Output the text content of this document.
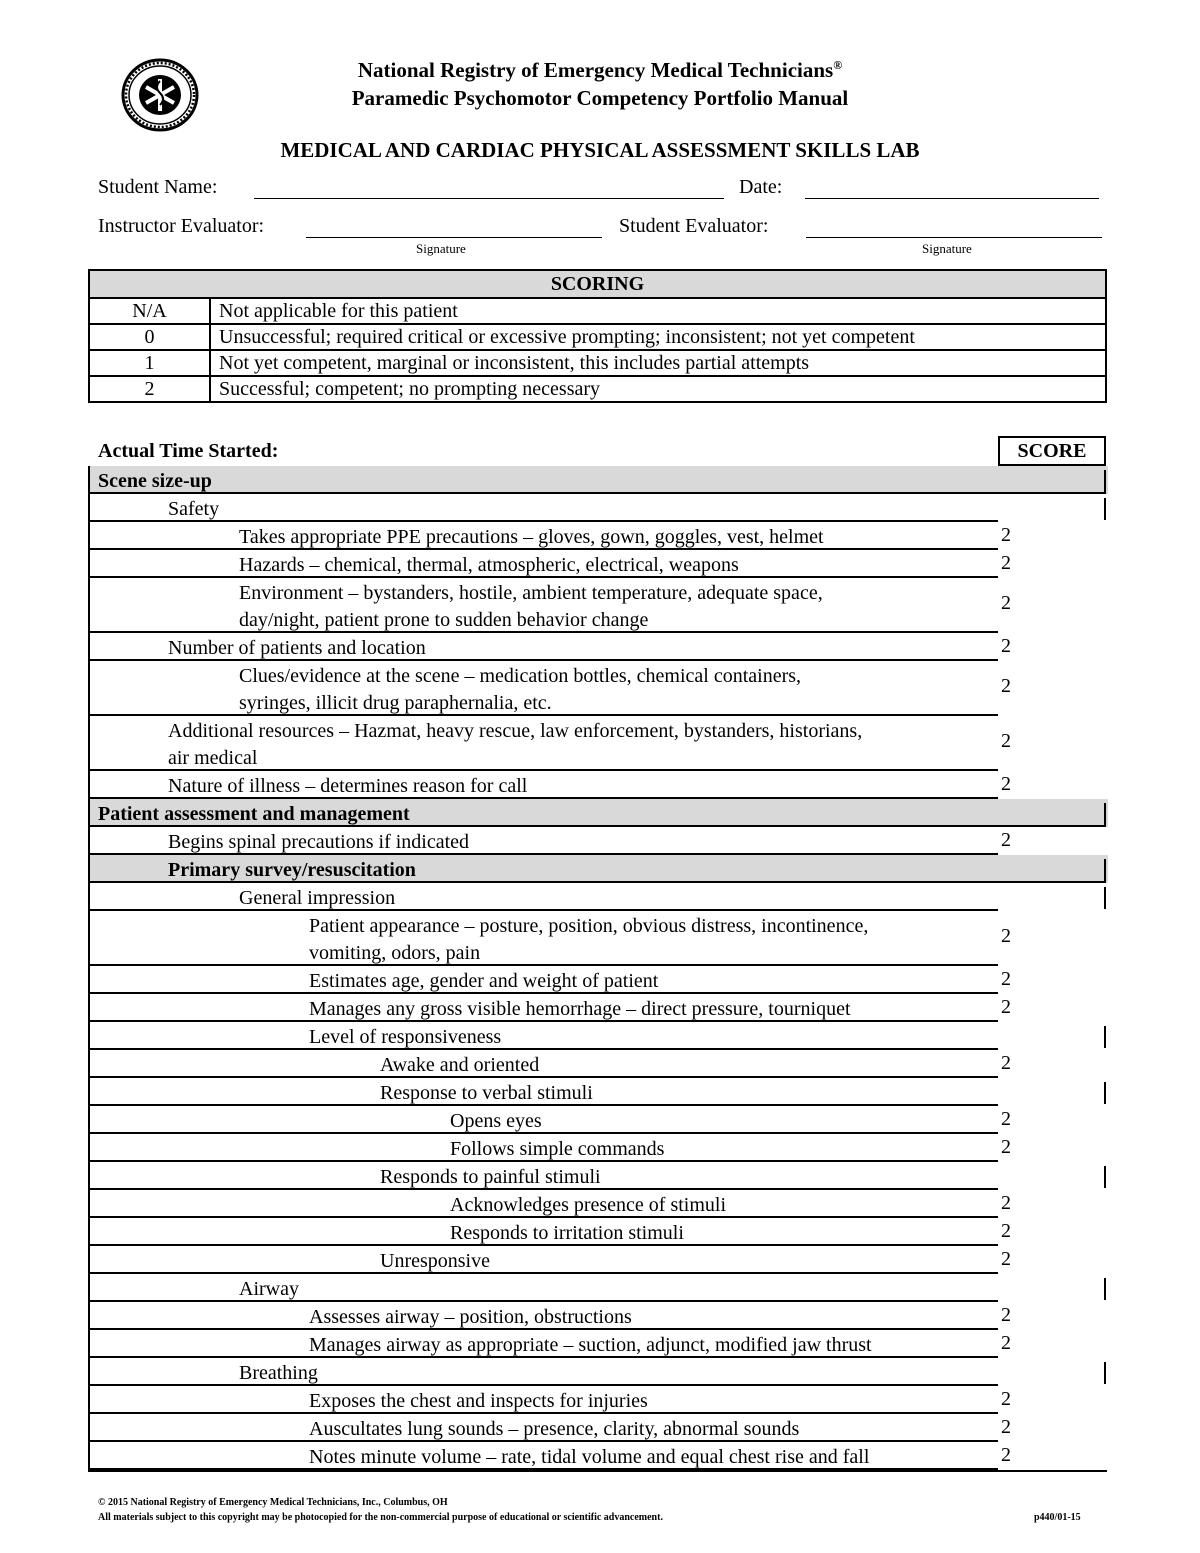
National Registry of Emergency Medical Technicians®
Paramedic Psychomotor Competency Portfolio Manual
MEDICAL AND CARDIAC PHYSICAL ASSESSMENT SKILLS LAB
Student Name:	Date:
Instructor Evaluator:
Signature
Student Evaluator:
Signature
SCORING	
N/A	Not applicable for this patient
0	Unsuccessful; required critical or excessive prompting; inconsistent; not yet competent
1	Not yet competent, marginal or inconsistent, this includes partial attempts
2	Successful; competent; no prompting necessary
Actual Time Started:	SCORE
Scene size-up
Safety
Takes appropriate PPE precautions – gloves, gown, goggles, vest, helmet	2
Hazards – chemical, thermal, atmospheric, electrical, weapons	2
Environment – bystanders, hostile, ambient temperature, adequate space,
day/night, patient prone to sudden behavior change
2
Number of patients and location	2
Clues/evidence at the scene – medication bottles, chemical containers,
syringes, illicit drug paraphernalia, etc.
2
Additional resources – Hazmat, heavy rescue, law enforcement, bystanders, historians,
air medical
2
Nature of illness – determines reason for call	2
Patient assessment and management
Begins spinal precautions if indicated	2
Primary survey/resuscitation
General impression
Patient appearance – posture, position, obvious distress, incontinence,
vomiting, odors, pain
2
Estimates age, gender and weight of patient	2
Manages any gross visible hemorrhage – direct pressure, tourniquet	2
Level of responsiveness
Awake and oriented	2
Response to verbal stimuli
Opens eyes	2
Follows simple commands	2
Responds to painful stimuli
Acknowledges presence of stimuli	2
Responds to irritation stimuli	2
Unresponsive	2
Airway
Assesses airway – position, obstructions	2
Manages airway as appropriate – suction, adjunct, modified jaw thrust	2
Breathing
Exposes the chest and inspects for injuries	2
Auscultates lung sounds – presence, clarity, abnormal sounds	2
Notes minute volume – rate, tidal volume and equal chest rise and fall	2
© 2015 National Registry of Emergency Medical Technicians, Inc., Columbus, OH
All materials subject to this copyright may be photocopied for the non-commercial purpose of educational or scientific advancement.	p440/01-15
